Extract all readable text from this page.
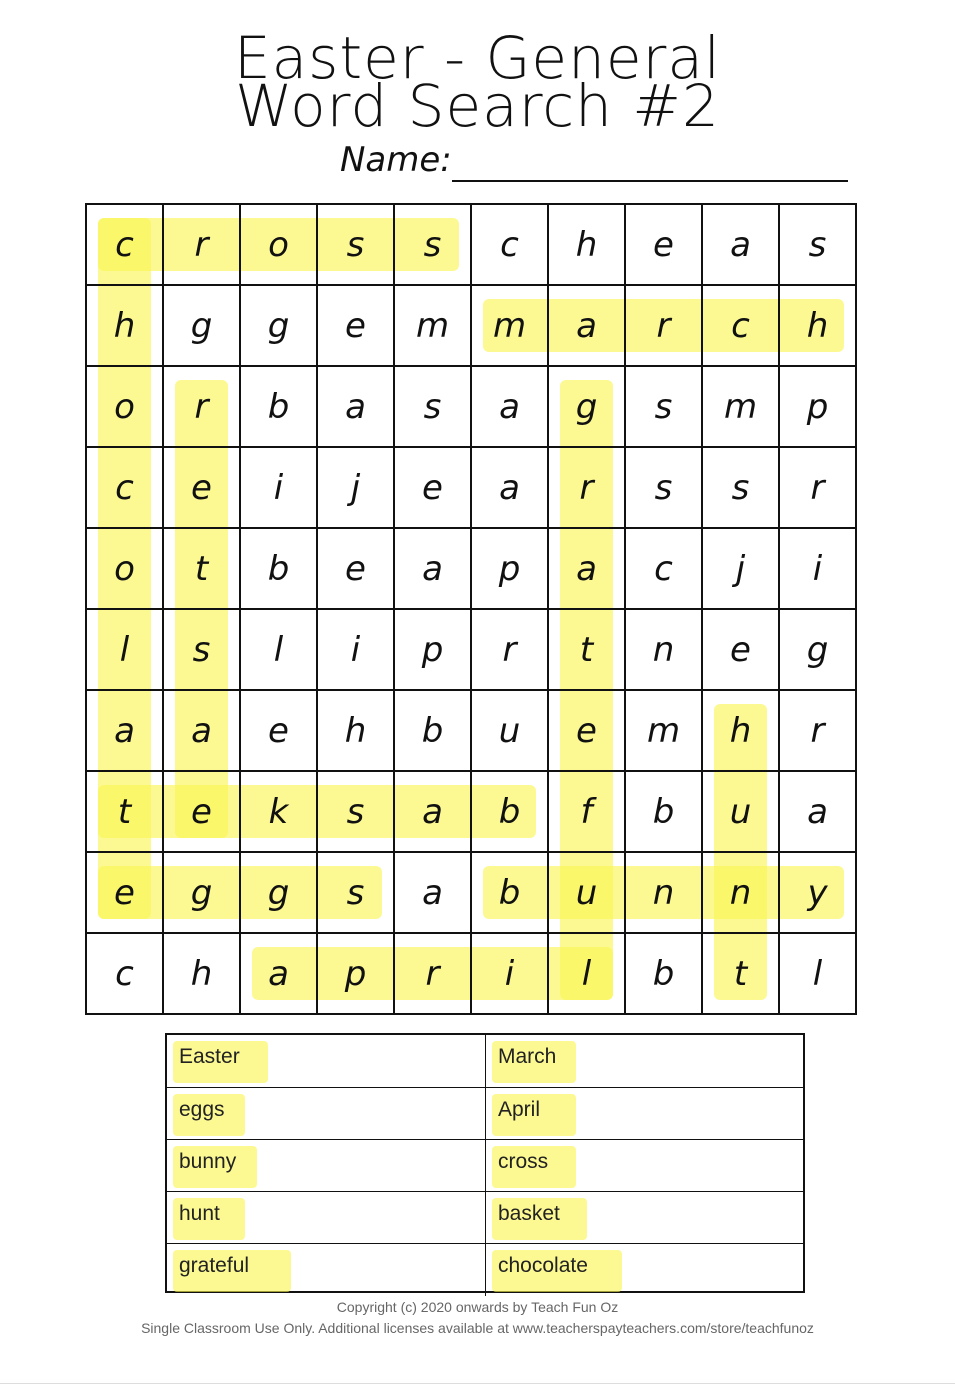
Easter - General
Word Search #2
Name:
c	r	o	s	s	c	h	e	a	s
h	g	g	e	m	m	a	r	c	h
o	r	b	a	s	a	g	s	m	p
c	e	i	j	e	a	r	s	s	r
o	t	b	e	a	p	a	c	j	i
l	s	l	i	p	r	t	n	e	g
a	a	e	h	b	u	e	m	h	r
t	e	k	s	a	b	f	b	u	a
e	g	g	s	a	b	u	n	n	y
c	h	a	p	r	i	l	b	t	l
Easter	March
eggs	April
bunny	cross
hunt	basket
grateful	chocolate
Copyright (c) 2020 onwards by Teach Fun Oz
Single Classroom Use Only. Additional licenses available at www.teacherspayteachers.com/store/teachfunoz
